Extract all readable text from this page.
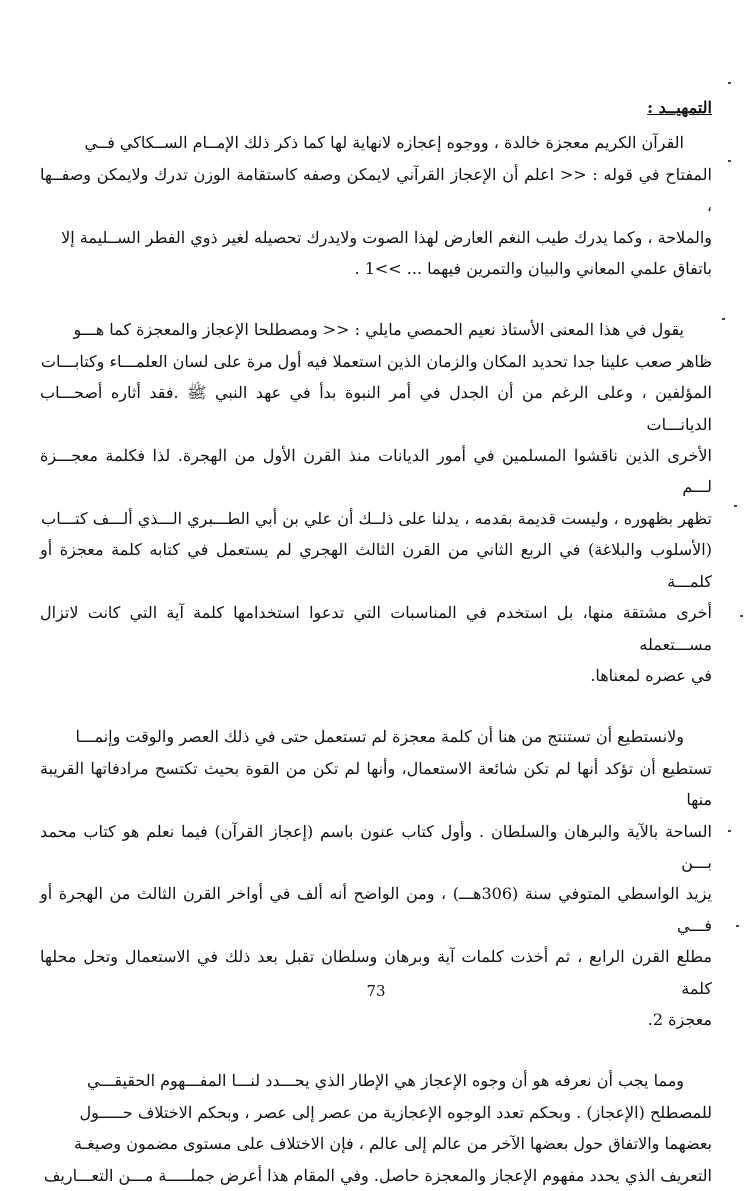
التمهيــد :

القرآن الكريم معجزة خالدة ، ووجوه إعجازه لانهاية لها كما ذكر ذلك الإمــام الســكاكي فــي
المفتاح في قوله : << اعلم أن الإعجاز القرآني لايمكن وصفه كاستقامة الوزن تدرك ولايمكن وصفــها ،
والملاحة ، وكما يدرك طيب النغم العارض لهذا الصوت ولايدرك تحصيله لغير ذوي الفطر الســليمة إلا
باتفاق علمي المعاني والبيان والتمرين فيهما ... >>1 .

يقول في هذا المعنى الأستاذ نعيم الحمصي مايلي : << ومصطلحا الإعجاز والمعجزة كما هـــو
ظاهر صعب علينا جدا تحديد المكان والزمان الذين استعملا فيه أول مرة على لسان العلمـــاء وكتابـــات
المؤلفين ، وعلى الرغم من أن الجدل في أمر النبوة بدأ في عهد النبي ﷺ .فقد أثاره أصحـــاب الديانـــات
الأخرى الذين ناقشوا المسلمين في أمور الديانات منذ القرن الأول من الهجرة. لذا فكلمة معجـــزة لـــم
تظهر بظهوره ، وليست قديمة بقدمه ، يدلنا على ذلــك أن علي بن أبي الطـــبري الـــذي ألـــف كتـــاب
(الأسلوب والبلاغة) في الربع الثاني من القرن الثالث الهجري لم يستعمل في كتابه كلمة معجزة أو كلمـــة
أخرى مشتقة منها، بل استخدم في المناسبات التي تدعوا استخدامها كلمة آية التي كانت لاتزال مســـتعمله
في عصره لمعناها.

ولانستطيع أن تستنتج من هنا أن كلمة معجزة لم تستعمل حتى في ذلك العصر والوقت وإنمـــا
تستطيع أن تؤكد أنها لم تكن شائعة الاستعمال، وأنها لم تكن من القوة بحيث تكتسح مرادفاتها القريبة منها
الساحة بالآية والبرهان والسلطان . وأول كتاب عنون باسم (إعجاز القرآن) فيما نعلم هو كتاب محمد بـــن
يزيد الواسطي المتوفي سنة (306هـــ) ، ومن الواضح أنه ألف في أواخر القرن الثالث من الهجرة أو فـــي
مطلع القرن الرابع ، ثم أخذت كلمات آية وبرهان وسلطان تقبل بعد ذلك في الاستعمال وتحل محلها كلمة
معجزة 2.

ومما يجب أن نعرفه هو أن وجوه الإعجاز هي الإطار الذي يحـــدد لنـــا المفـــهوم الحقيقـــي
للمصطلح (الإعجاز) . وبحكم تعدد الوجوه الإعجازية من عصر إلى عصر ، وبحكم الاختلاف حـــــول
بعضهما والاتفاق حول بعضها الآخر من عالم إلى عالم ، فإن الاختلاف على مستوى مضمون وصيغـة
التعريف الذي يحدد مفهوم الإعجاز والمعجزة حاصل. وفي المقام هذا أعرض جملـــــة مـــن التعـــاريف

73
